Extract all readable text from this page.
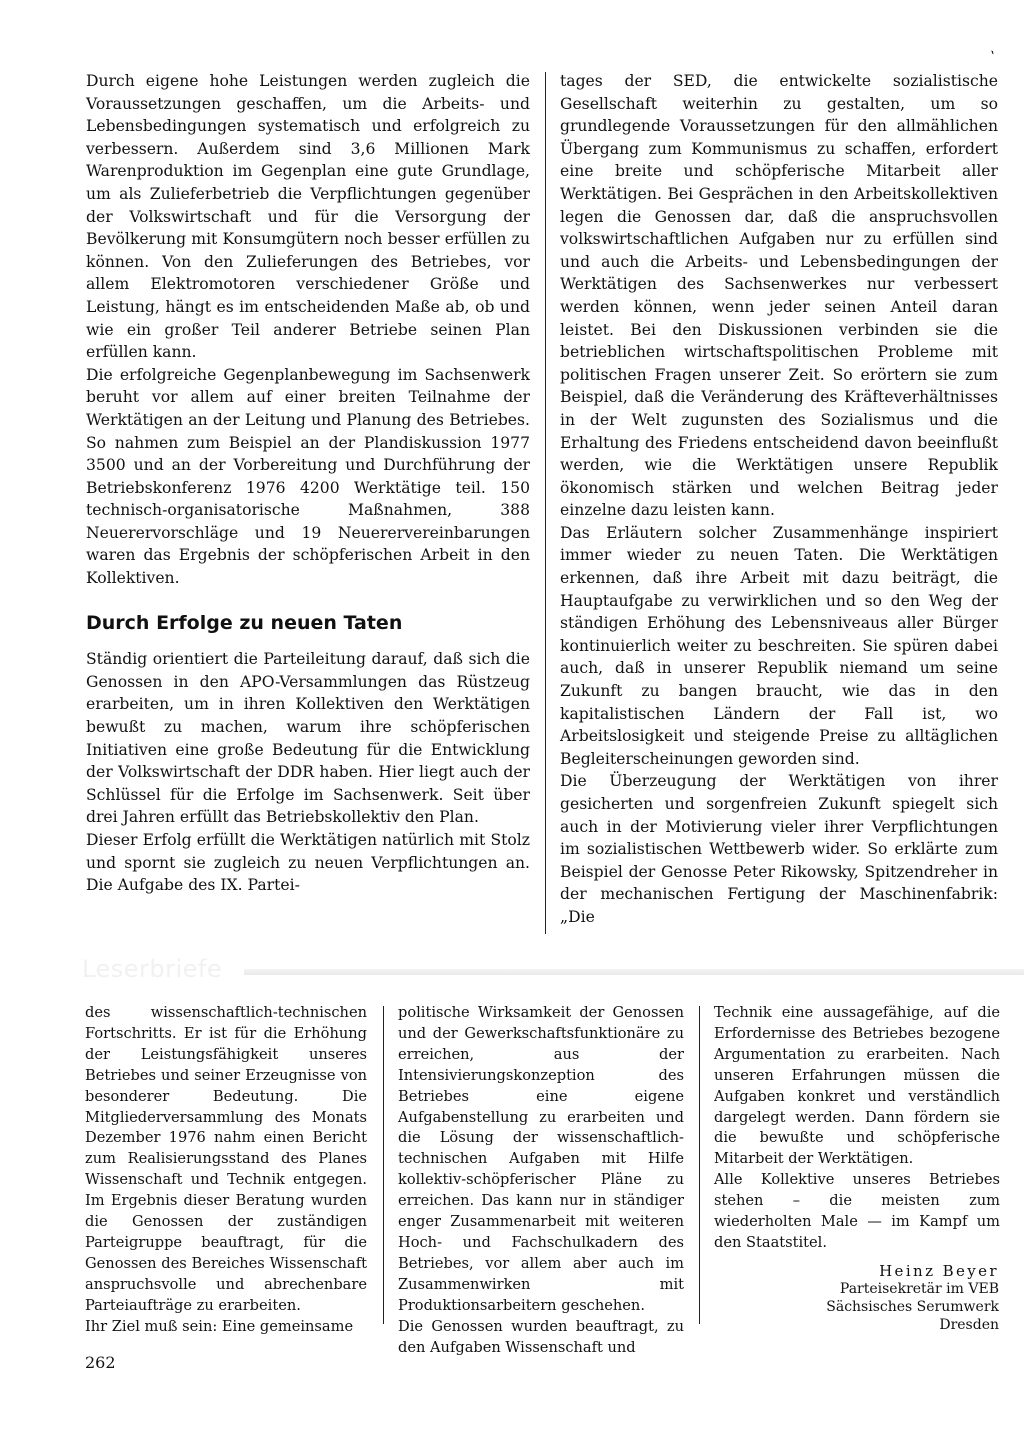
`

Durch eigene hohe Leistungen werden zugleich die Voraussetzungen geschaffen, um die Arbeits- und Lebensbedingungen systematisch und erfolgreich zu verbessern. Außerdem sind 3,6 Millionen Mark Warenproduktion im Gegenplan eine gute Grundlage, um als Zulieferbetrieb die Verpflichtungen gegenüber der Volkswirtschaft und für die Versorgung der Bevölkerung mit Konsumgütern noch besser erfüllen zu können. Von den Zulieferungen des Betriebes, vor allem Elektromotoren verschiedener Größe und Leistung, hängt es im entscheidenden Maße ab, ob und wie ein großer Teil anderer Betriebe seinen Plan erfüllen kann.

Die erfolgreiche Gegenplanbewegung im Sachsenwerk beruht vor allem auf einer breiten Teilnahme der Werktätigen an der Leitung und Planung des Betriebes. So nahmen zum Beispiel an der Plandiskussion 1977 3500 und an der Vorbereitung und Durchführung der Betriebskonferenz 1976 4200 Werktätige teil. 150 technisch-organisatorische Maßnahmen, 388 Neuerervorschläge und 19 Neuerervereinbarungen waren das Ergebnis der schöpferischen Arbeit in den Kollektiven.

Durch Erfolge zu neuen Taten

Ständig orientiert die Parteileitung darauf, daß sich die Genossen in den APO-Versammlungen das Rüstzeug erarbeiten, um in ihren Kollektiven den Werktätigen bewußt zu machen, warum ihre schöpferischen Initiativen eine große Bedeutung für die Entwicklung der Volkswirtschaft der DDR haben. Hier liegt auch der Schlüssel für die Erfolge im Sachsenwerk. Seit über drei Jahren erfüllt das Betriebskollektiv den Plan.

Dieser Erfolg erfüllt die Werktätigen natürlich mit Stolz und spornt sie zugleich zu neuen Verpflichtungen an. Die Aufgabe des IX. Partei-

tages der SED, die entwickelte sozialistische Gesellschaft weiterhin zu gestalten, um so grundlegende Voraussetzungen für den allmählichen Übergang zum Kommunismus zu schaffen, erfordert eine breite und schöpferische Mitarbeit aller Werktätigen. Bei Gesprächen in den Arbeitskollektiven legen die Genossen dar, daß die anspruchsvollen volkswirtschaftlichen Aufgaben nur zu erfüllen sind und auch die Arbeits- und Lebensbedingungen der Werktätigen des Sachsenwerkes nur verbessert werden können, wenn jeder seinen Anteil daran leistet. Bei den Diskussionen verbinden sie die betrieblichen wirtschaftspolitischen Probleme mit politischen Fragen unserer Zeit. So erörtern sie zum Beispiel, daß die Veränderung des Kräfteverhältnisses in der Welt zugunsten des Sozialismus und die Erhaltung des Friedens entscheidend davon beeinflußt werden, wie die Werktätigen unsere Republik ökonomisch stärken und welchen Beitrag jeder einzelne dazu leisten kann.

Das Erläutern solcher Zusammenhänge inspiriert immer wieder zu neuen Taten. Die Werktätigen erkennen, daß ihre Arbeit mit dazu beiträgt, die Hauptaufgabe zu verwirklichen und so den Weg der ständigen Erhöhung des Lebensniveaus aller Bürger kontinuierlich weiter zu beschreiten. Sie spüren dabei auch, daß in unserer Republik niemand um seine Zukunft zu bangen braucht, wie das in den kapitalistischen Ländern der Fall ist, wo Arbeitslosigkeit und steigende Preise zu alltäglichen Begleiterscheinungen geworden sind.

Die Überzeugung der Werktätigen von ihrer gesicherten und sorgenfreien Zukunft spiegelt sich auch in der Motivierung vieler ihrer Verpflichtungen im sozialistischen Wettbewerb wider. So erklärte zum Beispiel der Genosse Peter Rikowsky, Spitzendreher in der mechanischen Fertigung der Maschinenfabrik: „Die

Leserbriefe

des wissenschaftlich-technischen Fortschritts. Er ist für die Erhöhung der Leistungsfähigkeit unseres Betriebes und seiner Erzeugnisse von besonderer Bedeutung. Die Mitgliederversammlung des Monats Dezember 1976 nahm einen Bericht zum Realisierungsstand des Planes Wissenschaft und Technik entgegen. Im Ergebnis dieser Beratung wurden die Genossen der zuständigen Parteigruppe beauftragt, für die Genossen des Bereiches Wissenschaft anspruchsvolle und abrechenbare Parteiaufträge zu erarbeiten.

Ihr Ziel muß sein: Eine gemeinsame

politische Wirksamkeit der Genossen und der Gewerkschaftsfunktionäre zu erreichen, aus der Intensivierungskonzeption des Betriebes eine eigene Aufgabenstellung zu erarbeiten und die Lösung der wissenschaftlich-technischen Aufgaben mit Hilfe kollektiv-schöpferischer Pläne zu erreichen. Das kann nur in ständiger enger Zusammenarbeit mit weiteren Hoch- und Fachschulkadern des Betriebes, vor allem aber auch im Zusammenwirken mit Produktionsarbeitern geschehen.

Die Genossen wurden beauftragt, zu den Aufgaben Wissenschaft und

Technik eine aussagefähige, auf die Erfordernisse des Betriebes bezogene Argumentation zu erarbeiten. Nach unseren Erfahrungen müssen die Aufgaben konkret und verständlich dargelegt werden. Dann fördern sie die bewußte und schöpferische Mitarbeit der Werktätigen.

Alle Kollektive unseres Betriebes stehen – die meisten zum wiederholten Male — im Kampf um den Staatstitel.

Heinz Beyer
Parteisekretär im VEB
Sächsisches Serumwerk
Dresden
262
